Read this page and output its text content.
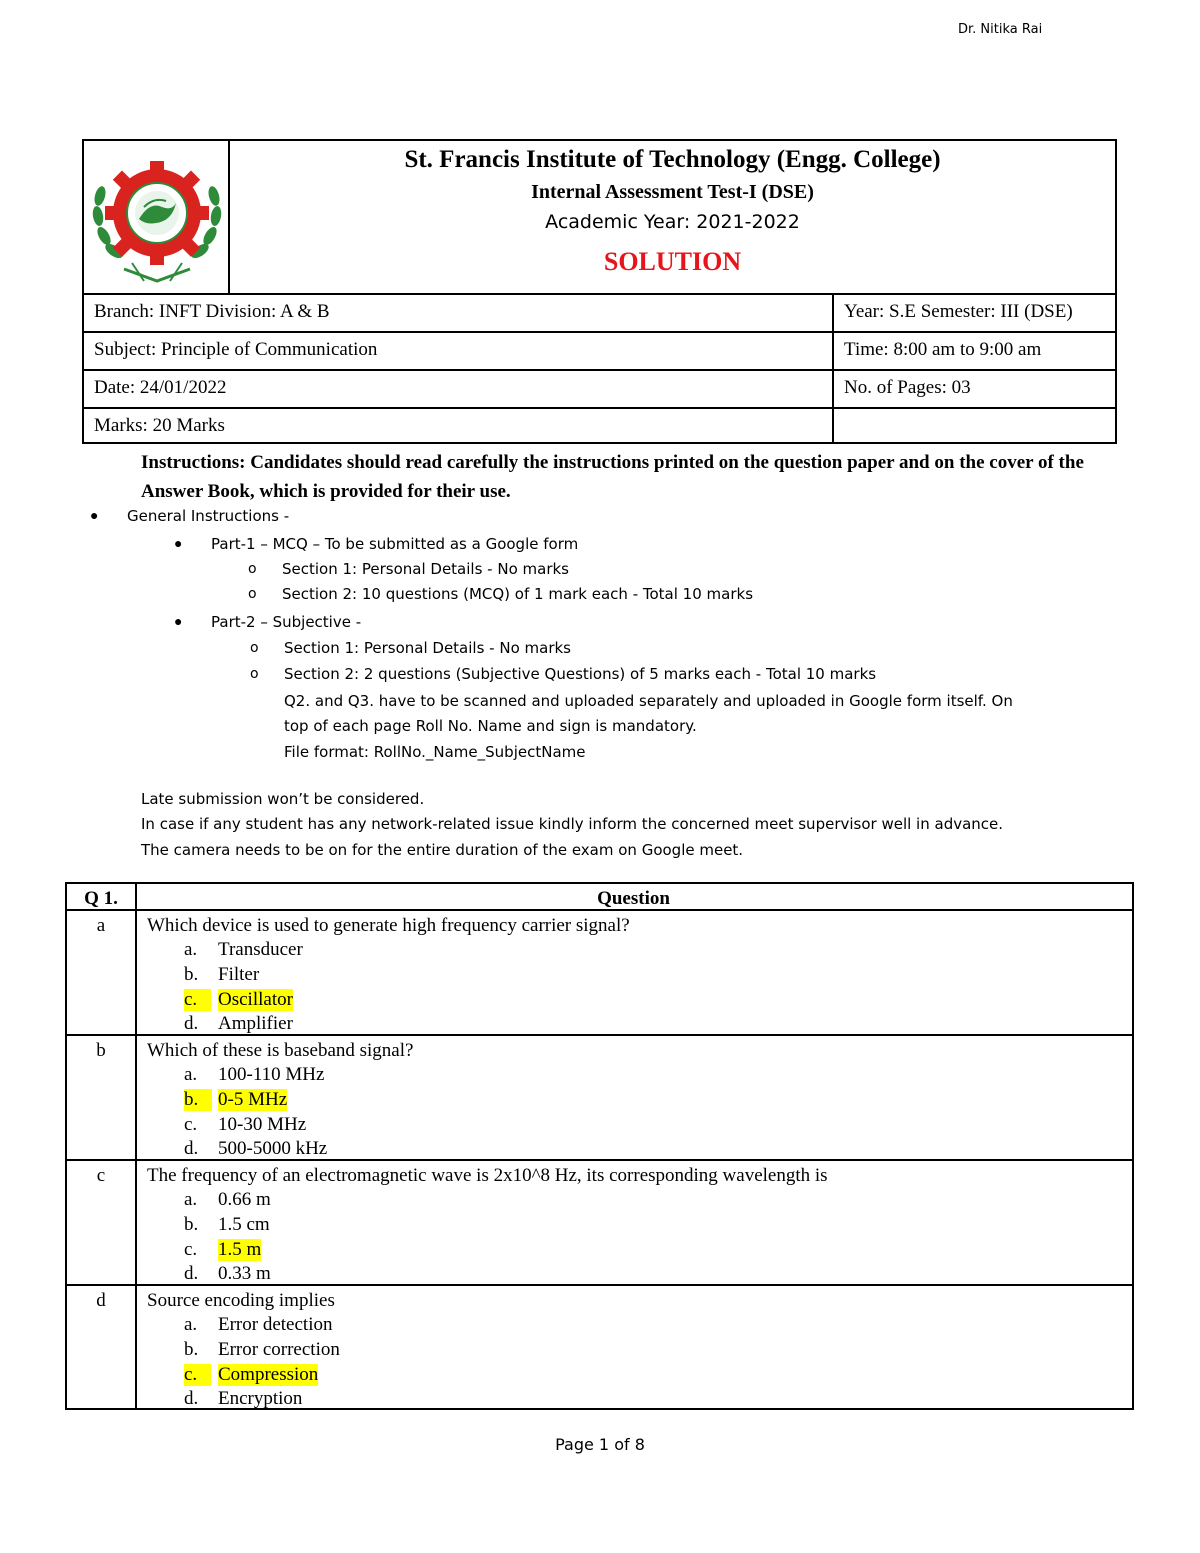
Dr. Nitika Rai
St. Francis Institute of Technology (Engg. College)
Internal Assessment Test-I (DSE)
Academic Year: 2021-2022
SOLUTION
Branch: INFT Division: A & B	Year: S.E Semester: III (DSE)
Subject: Principle of Communication	Time: 8:00 am to 9:00 am
Date: 24/01/2022	No. of Pages: 03
Marks: 20 Marks
Instructions: Candidates should read carefully the instructions printed on the question paper and on the cover of the Answer Book, which is provided for their use.
● General Instructions -
● Part-1 – MCQ – To be submitted as a Google form
o Section 1: Personal Details - No marks
o Section 2: 10 questions (MCQ) of 1 mark each - Total 10 marks
● Part-2 – Subjective -
o Section 1: Personal Details - No marks
o Section 2: 2 questions (Subjective Questions) of 5 marks each - Total 10 marks
Q2. and Q3. have to be scanned and uploaded separately and uploaded in Google form itself. On
top of each page Roll No. Name and sign is mandatory.
File format: RollNo._Name_SubjectName
Late submission won’t be considered.
In case if any student has any network-related issue kindly inform the concerned meet supervisor well in advance.
The camera needs to be on for the entire duration of the exam on Google meet.
Q 1.	Question
a	Which device is used to generate high frequency carrier signal?
a. Transducer
b. Filter
c.	Oscillator
d. Amplifier
b	Which of these is baseband signal?
a. 100-110 MHz
b.	0-5 MHz
c. 10-30 MHz
d. 500-5000 kHz
c	The frequency of an electromagnetic wave is 2x10^8 Hz, its corresponding wavelength is
a. 0.66 m
b. 1.5 cm
c. 1.5 m
d. 0.33 m
d	Source encoding implies
a. Error detection
b. Error correction
c.	Compression
d. Encryption
Page 1 of 8
